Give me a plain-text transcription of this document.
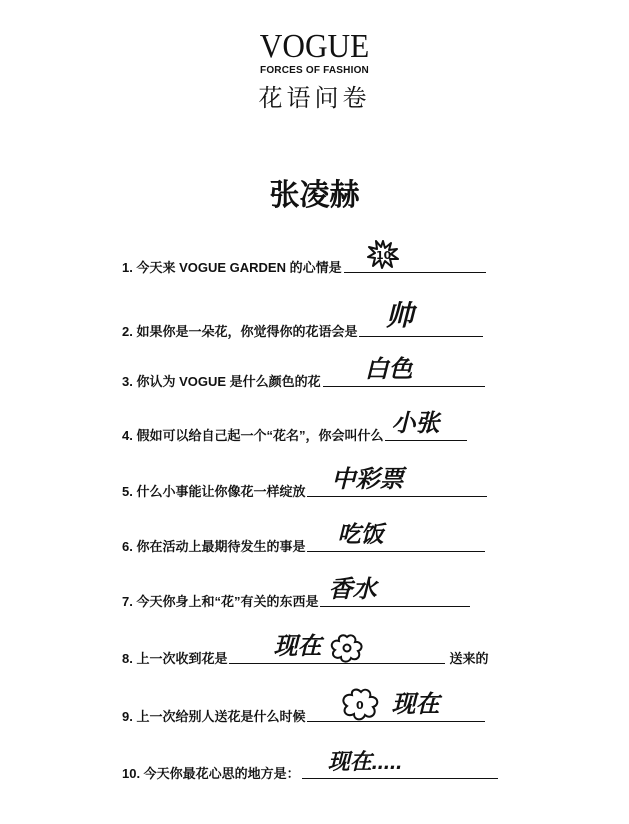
VOGUE
FORCES OF FASHION
花语问卷
张凌赫
1. 今天来 VOGUE GARDEN 的心情是
10
2. 如果你是一朵花，你觉得你的花语会是
帅
3. 你认为 VOGUE 是什么颜色的花 白色
4. 假如可以给自己起一个“花名”，你会叫什么 小张
5. 什么小事能让你像花一样绽放 中彩票
6. 你在活动上最期待发生的事是 吃饭
7. 今天你身上和“花”有关的东西是 香水
8. 上一次收到花是 现在	送来的
9. 上一次给别人送花是什么时候
0 现在
10. 今天你最花心思的地方是： 现在.....
